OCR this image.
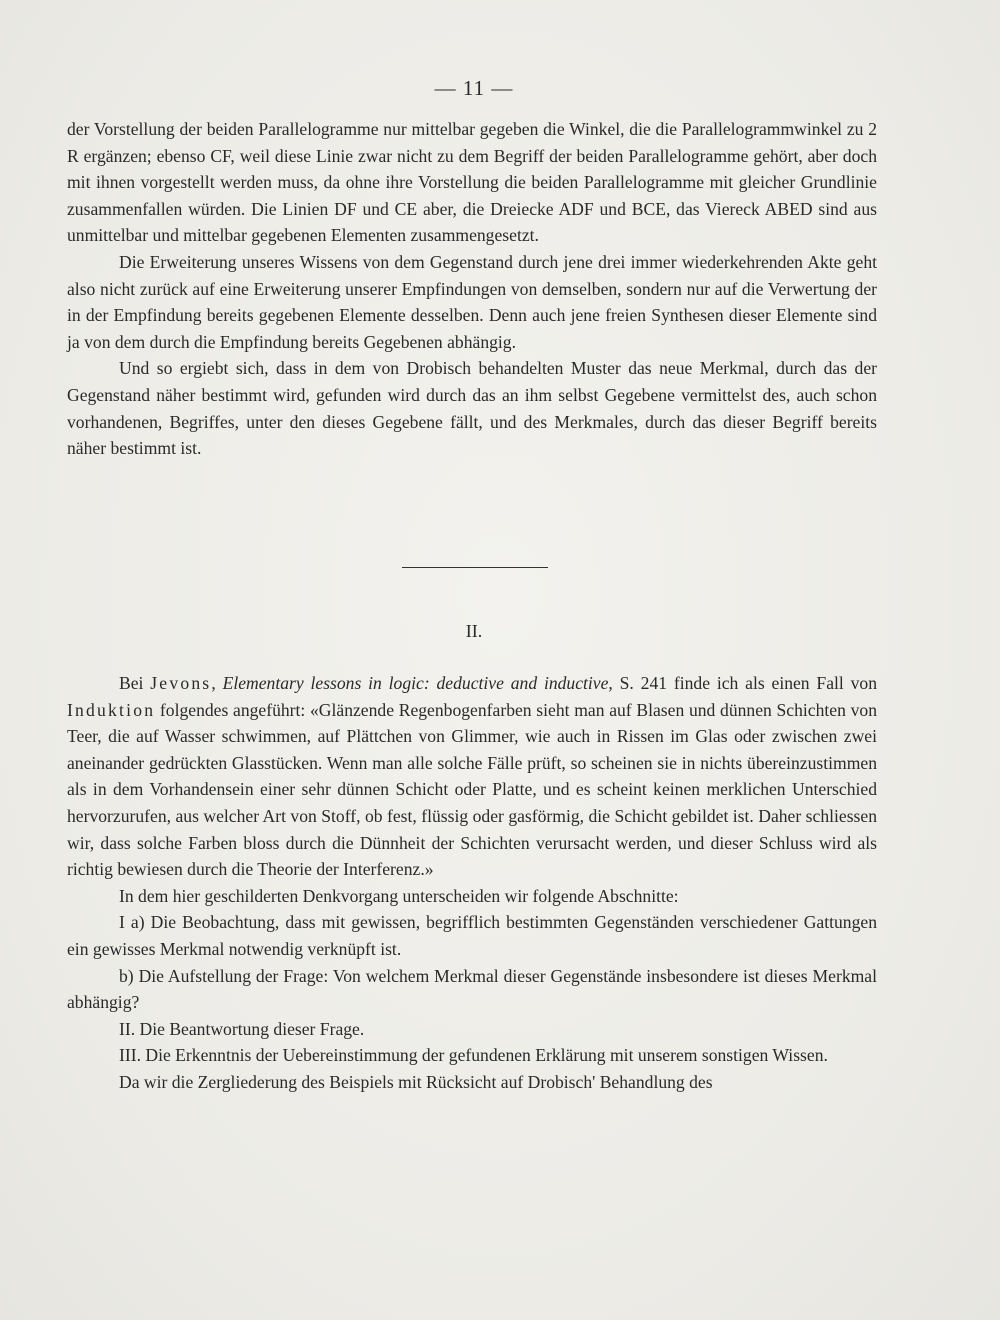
— 11 —

der Vorstellung der beiden Parallelogramme nur mittelbar gegeben die Winkel, die die Parallelogrammwinkel zu 2 R ergänzen; ebenso CF, weil diese Linie zwar nicht zu dem Begriff der beiden Parallelogramme gehört, aber doch mit ihnen vorgestellt werden muss, da ohne ihre Vorstellung die beiden Parallelogramme mit gleicher Grundlinie zusammenfallen würden. Die Linien DF und CE aber, die Dreiecke ADF und BCE, das Viereck ABED sind aus unmittelbar und mittelbar gegebenen Elementen zusammengesetzt.

Die Erweiterung unseres Wissens von dem Gegenstand durch jene drei immer wiederkehrenden Akte geht also nicht zurück auf eine Erweiterung unserer Empfindungen von demselben, sondern nur auf die Verwertung der in der Empfindung bereits gegebenen Elemente desselben. Denn auch jene freien Synthesen dieser Elemente sind ja von dem durch die Empfindung bereits Gegebenen abhängig.

Und so ergiebt sich, dass in dem von Drobisch behandelten Muster das neue Merkmal, durch das der Gegenstand näher bestimmt wird, gefunden wird durch das an ihm selbst Gegebene vermittelst des, auch schon vorhandenen, Begriffes, unter den dieses Gegebene fällt, und des Merkmales, durch das dieser Begriff bereits näher bestimmt ist.

II.

Bei Jevons, Elementary lessons in logic: deductive and inductive, S. 241 finde ich als einen Fall von Induktion folgendes angeführt: «Glänzende Regenbogenfarben sieht man auf Blasen und dünnen Schichten von Teer, die auf Wasser schwimmen, auf Plättchen von Glimmer, wie auch in Rissen im Glas oder zwischen zwei aneinander gedrückten Glasstücken. Wenn man alle solche Fälle prüft, so scheinen sie in nichts übereinzustimmen als in dem Vorhandensein einer sehr dünnen Schicht oder Platte, und es scheint keinen merklichen Unterschied hervorzurufen, aus welcher Art von Stoff, ob fest, flüssig oder gasförmig, die Schicht gebildet ist. Daher schliessen wir, dass solche Farben bloss durch die Dünnheit der Schichten verursacht werden, und dieser Schluss wird als richtig bewiesen durch die Theorie der Interferenz.»

In dem hier geschilderten Denkvorgang unterscheiden wir folgende Abschnitte:

I a) Die Beobachtung, dass mit gewissen, begrifflich bestimmten Gegenständen verschiedener Gattungen ein gewisses Merkmal notwendig verknüpft ist.

b) Die Aufstellung der Frage: Von welchem Merkmal dieser Gegenstände insbesondere ist dieses Merkmal abhängig?

II. Die Beantwortung dieser Frage.

III. Die Erkenntnis der Uebereinstimmung der gefundenen Erklärung mit unserem sonstigen Wissen.

Da wir die Zergliederung des Beispiels mit Rücksicht auf Drobisch' Behandlung des
